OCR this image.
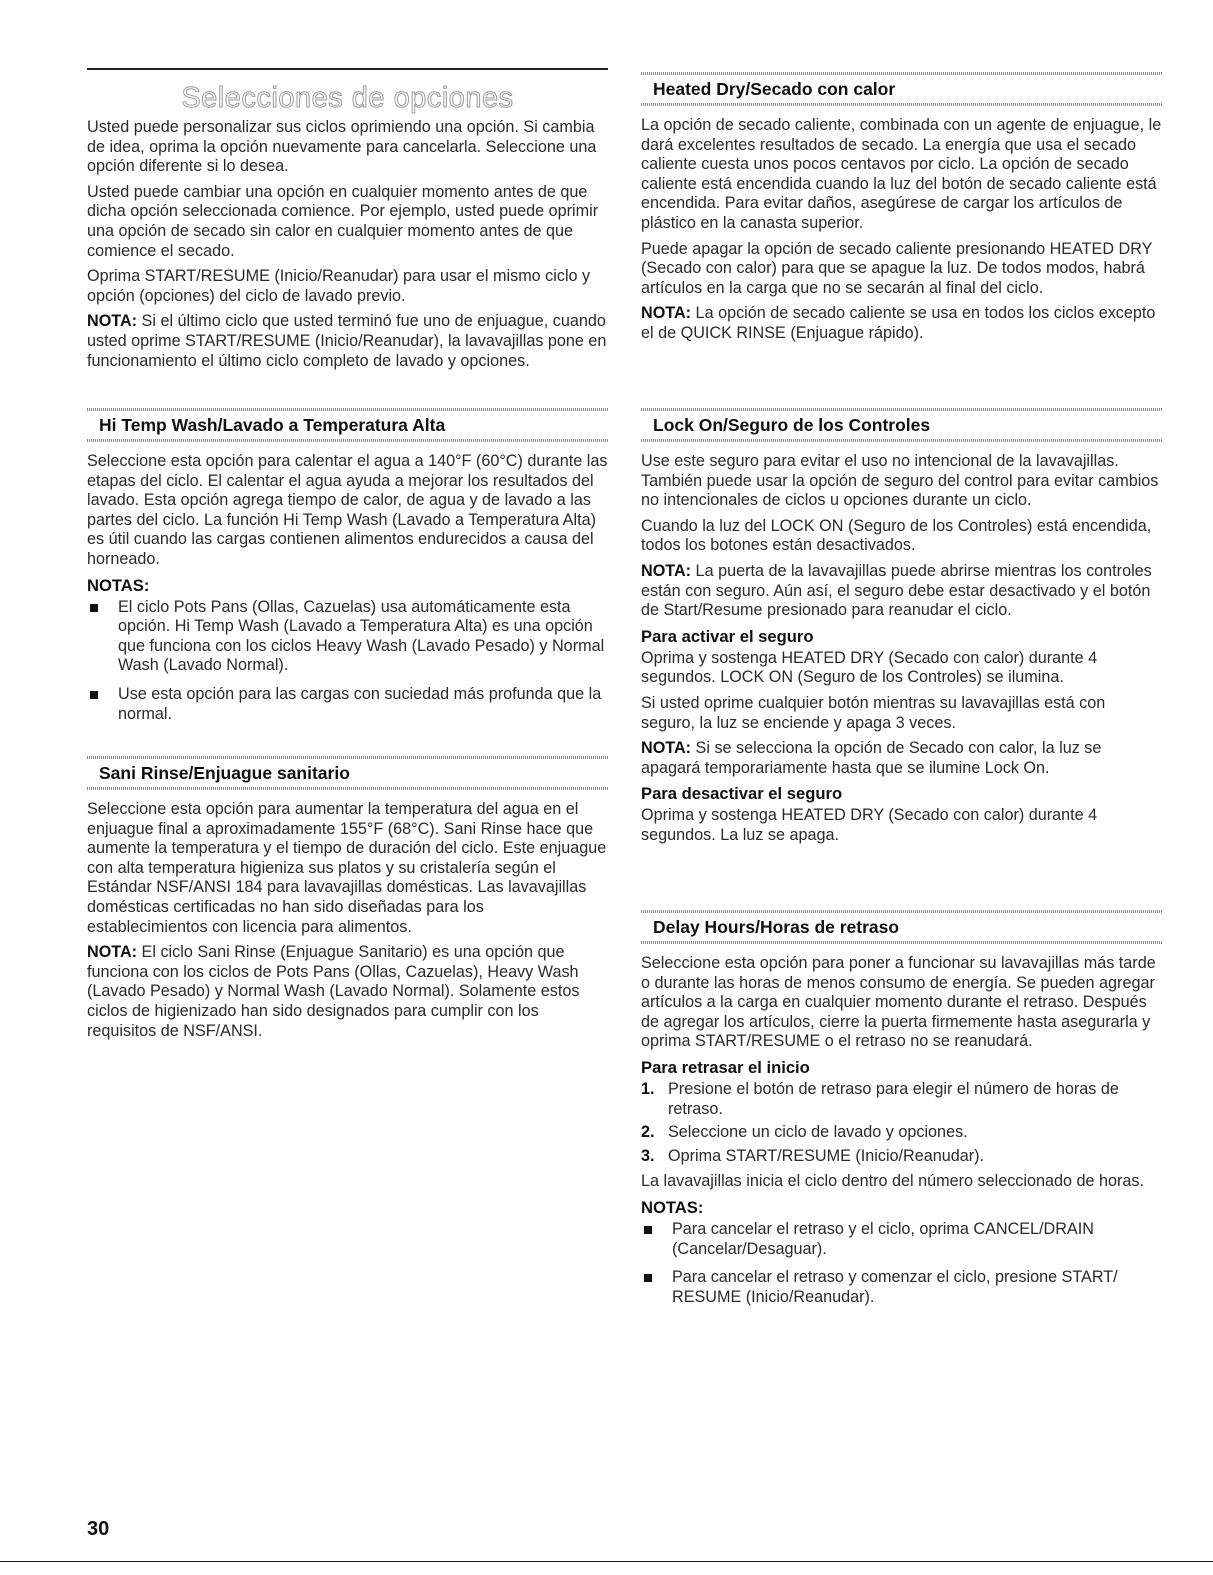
Selecciones de opciones

Usted puede personalizar sus ciclos oprimiendo una opción. Si cambia de idea, oprima la opción nuevamente para cancelarla. Seleccione una opción diferente si lo desea.

Usted puede cambiar una opción en cualquier momento antes de que dicha opción seleccionada comience. Por ejemplo, usted puede oprimir una opción de secado sin calor en cualquier momento antes de que comience el secado.

Oprima START/RESUME (Inicio/Reanudar) para usar el mismo ciclo y opción (opciones) del ciclo de lavado previo.

NOTA: Si el último ciclo que usted terminó fue uno de enjuague, cuando usted oprime START/RESUME (Inicio/Reanudar), la lavavajillas pone en funcionamiento el último ciclo completo de lavado y opciones.

Hi Temp Wash/Lavado a Temperatura Alta

Seleccione esta opción para calentar el agua a 140°F (60°C) durante las etapas del ciclo. El calentar el agua ayuda a mejorar los resultados del lavado. Esta opción agrega tiempo de calor, de agua y de lavado a las partes del ciclo. La función Hi Temp Wash (Lavado a Temperatura Alta) es útil cuando las cargas contienen alimentos endurecidos a causa del horneado.

NOTAS:
El ciclo Pots Pans (Ollas, Cazuelas) usa automáticamente esta opción. Hi Temp Wash (Lavado a Temperatura Alta) es una opción que funciona con los ciclos Heavy Wash (Lavado Pesado) y Normal Wash (Lavado Normal).
Use esta opción para las cargas con suciedad más profunda que la normal.
Sani Rinse/Enjuague sanitario

Seleccione esta opción para aumentar la temperatura del agua en el enjuague final a aproximadamente 155°F (68°C). Sani Rinse hace que aumente la temperatura y el tiempo de duración del ciclo. Este enjuague con alta temperatura higieniza sus platos y su cristalería según el Estándar NSF/ANSI 184 para lavavajillas domésticas. Las lavavajillas domésticas certificadas no han sido diseñadas para los establecimientos con licencia para alimentos.

NOTA: El ciclo Sani Rinse (Enjuague Sanitario) es una opción que funciona con los ciclos de Pots Pans (Ollas, Cazuelas), Heavy Wash (Lavado Pesado) y Normal Wash (Lavado Normal). Solamente estos ciclos de higienizado han sido designados para cumplir con los requisitos de NSF/ANSI.

Heated Dry/Secado con calor

La opción de secado caliente, combinada con un agente de enjuague, le dará excelentes resultados de secado. La energía que usa el secado caliente cuesta unos pocos centavos por ciclo. La opción de secado caliente está encendida cuando la luz del botón de secado caliente está encendida. Para evitar daños, asegúrese de cargar los artículos de plástico en la canasta superior.

Puede apagar la opción de secado caliente presionando HEATED DRY (Secado con calor) para que se apague la luz. De todos modos, habrá artículos en la carga que no se secarán al final del ciclo.

NOTA: La opción de secado caliente se usa en todos los ciclos excepto el de QUICK RINSE (Enjuague rápido).

Lock On/Seguro de los Controles

Use este seguro para evitar el uso no intencional de la lavavajillas. También puede usar la opción de seguro del control para evitar cambios no intencionales de ciclos u opciones durante un ciclo.

Cuando la luz del LOCK ON (Seguro de los Controles) está encendida, todos los botones están desactivados.

NOTA: La puerta de la lavavajillas puede abrirse mientras los controles están con seguro. Aún así, el seguro debe estar desactivado y el botón de Start/Resume presionado para reanudar el ciclo.

Para activar el seguro

Oprima y sostenga HEATED DRY (Secado con calor) durante 4 segundos. LOCK ON (Seguro de los Controles) se ilumina.

Si usted oprime cualquier botón mientras su lavavajillas está con seguro, la luz se enciende y apaga 3 veces.

NOTA: Si se selecciona la opción de Secado con calor, la luz se apagará temporariamente hasta que se ilumine Lock On.

Para desactivar el seguro

Oprima y sostenga HEATED DRY (Secado con calor) durante 4 segundos. La luz se apaga.

Delay Hours/Horas de retraso

Seleccione esta opción para poner a funcionar su lavavajillas más tarde o durante las horas de menos consumo de energía. Se pueden agregar artículos a la carga en cualquier momento durante el retraso. Después de agregar los artículos, cierre la puerta firmemente hasta asegurarla y oprima START/RESUME o el retraso no se reanudará.

Para retrasar el inicio
1. Presione el botón de retraso para elegir el número de horas de retraso.
2. Seleccione un ciclo de lavado y opciones.
3. Oprima START/RESUME (Inicio/Reanudar).

La lavavajillas inicia el ciclo dentro del número seleccionado de horas.

NOTAS:
Para cancelar el retraso y el ciclo, oprima CANCEL/DRAIN (Cancelar/Desaguar).
Para cancelar el retraso y comenzar el ciclo, presione START/ RESUME (Inicio/Reanudar).
30
